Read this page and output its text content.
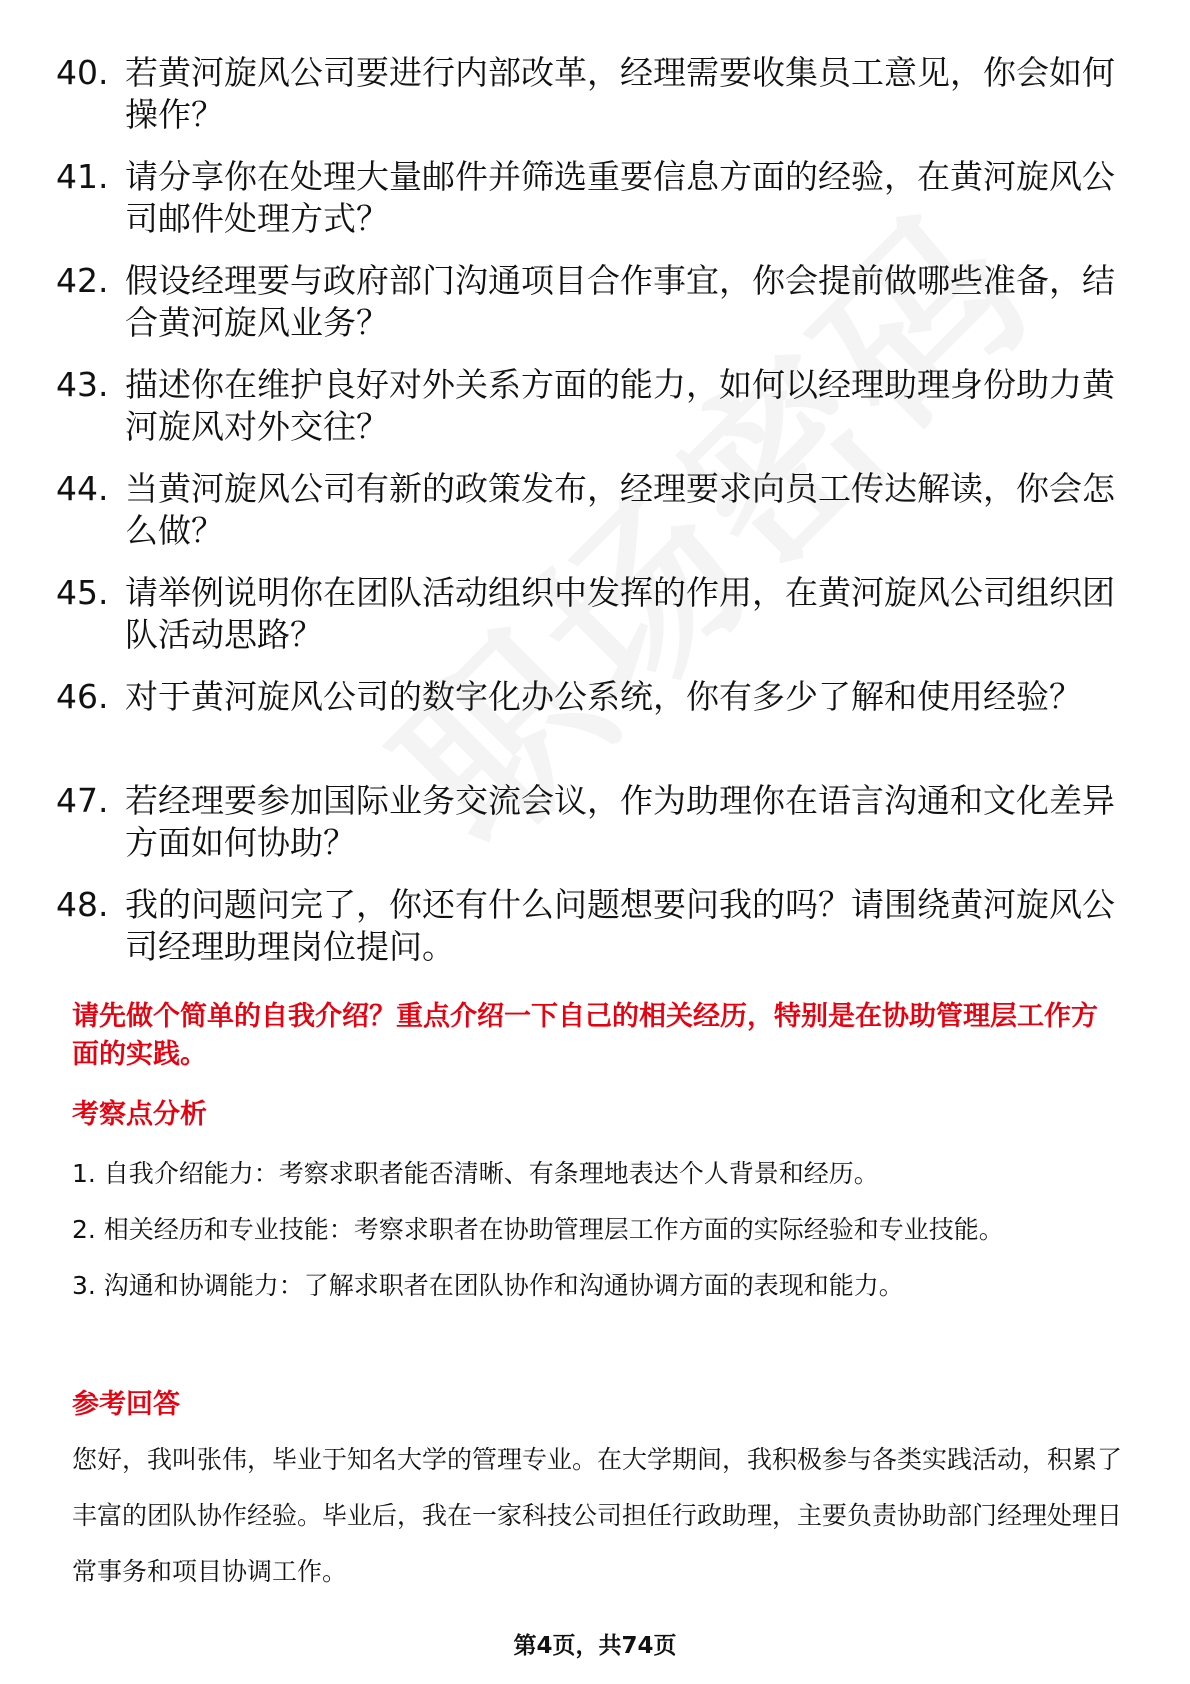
40. 若黄河旋风公司要进行内部改革，经理需要收集员工意见，你会如何操作？
41. 请分享你在处理大量邮件并筛选重要信息方面的经验，在黄河旋风公司邮件处理方式？
42. 假设经理要与政府部门沟通项目合作事宜，你会提前做哪些准备，结合黄河旋风业务？
43. 描述你在维护良好对外关系方面的能力，如何以经理助理身份助力黄河旋风对外交往？
44. 当黄河旋风公司有新的政策发布，经理要求向员工传达解读，你会怎么做？
45. 请举例说明你在团队活动组织中发挥的作用，在黄河旋风公司组织团队活动思路？
46. 对于黄河旋风公司的数字化办公系统，你有多少了解和使用经验？
47. 若经理要参加国际业务交流会议，作为助理你在语言沟通和文化差异方面如何协助？
48. 我的问题问完了，你还有什么问题想要问我的吗？请围绕黄河旋风公司经理助理岗位提问。
请先做个简单的自我介绍？重点介绍一下自己的相关经历，特别是在协助管理层工作方面的实践。
考察点分析

1. 自我介绍能力：考察求职者能否清晰、有条理地表达个人背景和经历。

2. 相关经历和专业技能：考察求职者在协助管理层工作方面的实际经验和专业技能。

3. 沟通和协调能力：了解求职者在团队协作和沟通协调方面的表现和能力。

参考回答

您好，我叫张伟，毕业于知名大学的管理专业。在大学期间，我积极参与各类实践活动，积累了丰富的团队协作经验。毕业后，我在一家科技公司担任行政助理，主要负责协助部门经理处理日常事务和项目协调工作。

第4页，共74页
